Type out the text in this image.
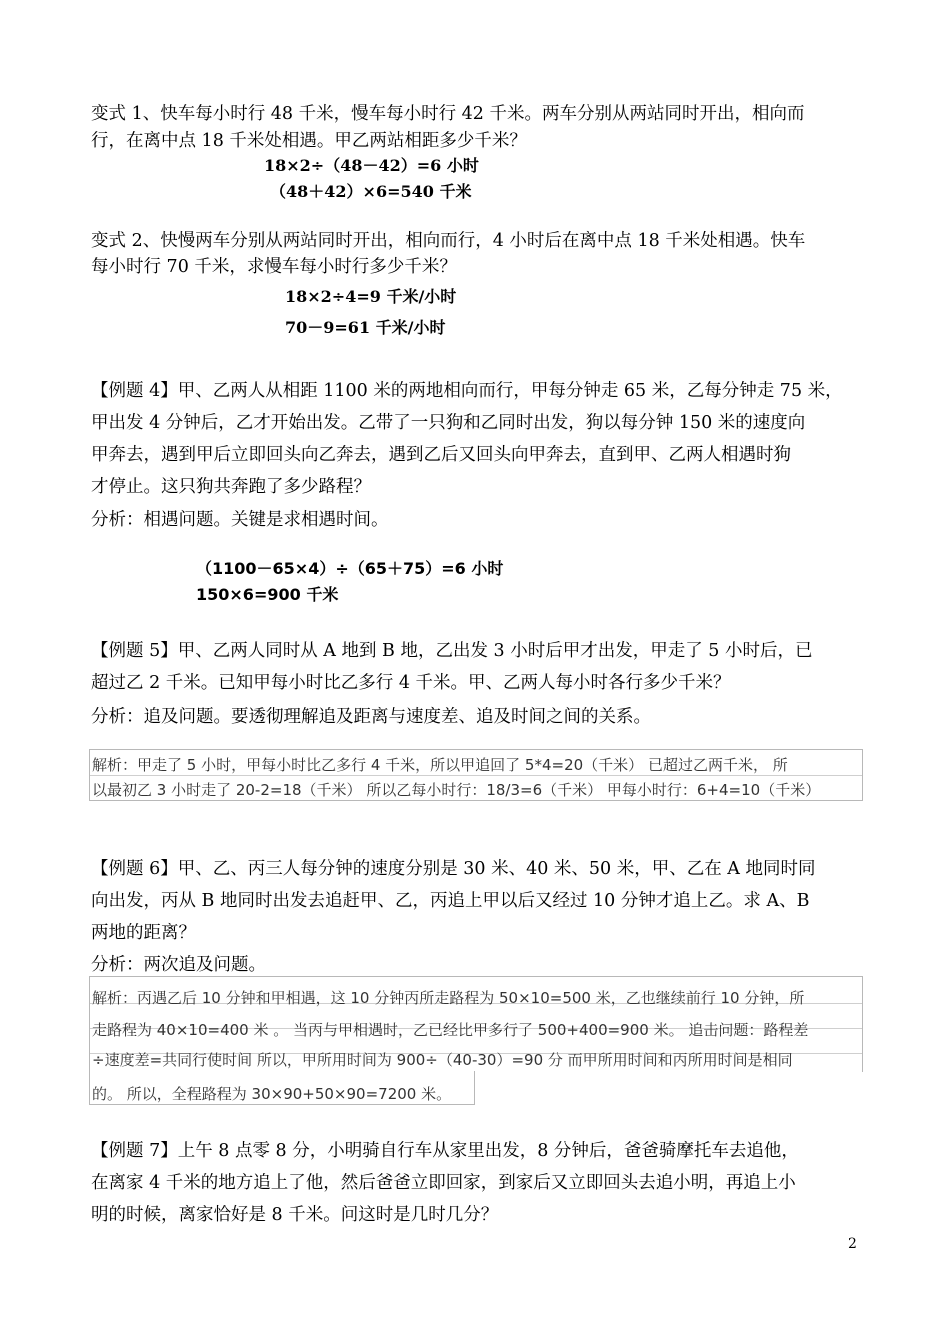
变式 1、快车每小时行 48 千米，慢车每小时行 42 千米。两车分别从两站同时开出，相向而
行，在离中点 18 千米处相遇。甲乙两站相距多少千米？
18×2÷（48－42）=6 小时
（48＋42）×6=540 千米
变式 2、快慢两车分别从两站同时开出，相向而行，4 小时后在离中点 18 千米处相遇。快车
每小时行 70 千米，求慢车每小时行多少千米？
18×2÷4=9 千米/小时
70－9=61 千米/小时
【例题 4】甲、乙两人从相距 1100 米的两地相向而行，甲每分钟走 65 米，乙每分钟走 75 米，
甲出发 4 分钟后，乙才开始出发。乙带了一只狗和乙同时出发，狗以每分钟 150 米的速度向
甲奔去，遇到甲后立即回头向乙奔去，遇到乙后又回头向甲奔去，直到甲、乙两人相遇时狗
才停止。这只狗共奔跑了多少路程？
分析：相遇问题。关键是求相遇时间。
（1100－65×4）÷（65＋75）=6 小时
150×6=900 千米
【例题 5】甲、乙两人同时从 A 地到 B 地，乙出发 3 小时后甲才出发，甲走了 5 小时后，已
超过乙 2 千米。已知甲每小时比乙多行 4 千米。甲、乙两人每小时各行多少千米？
分析：追及问题。要透彻理解追及距离与速度差、追及时间之间的关系。
解析：甲走了 5 小时，甲每小时比乙多行 4 千米，所以甲追回了 5*4=20（千米） 已超过乙两千米， 所
以最初乙 3 小时走了 20-2=18（千米） 所以乙每小时行：18/3=6（千米） 甲每小时行：6+4=10（千米）
【例题 6】甲、乙、丙三人每分钟的速度分别是 30 米、40 米、50 米，甲、乙在 A 地同时同
向出发，丙从 B 地同时出发去追赶甲、乙，丙追上甲以后又经过 10 分钟才追上乙。求 A、B
两地的距离？
分析：两次追及问题。
解析：丙遇乙后 10 分钟和甲相遇，这 10 分钟丙所走路程为 50×10=500 米，乙也继续前行 10 分钟，所
走路程为 40×10=400 米 。 当丙与甲相遇时，乙已经比甲多行了 500+400=900 米。 追击问题：路程差
÷速度差=共同行使时间 所以，甲所用时间为 900÷（40-30）=90 分 而甲所用时间和丙所用时间是相同
的。 所以，全程路程为 30×90+50×90=7200 米。
【例题 7】上午 8 点零 8 分，小明骑自行车从家里出发，8 分钟后，爸爸骑摩托车去追他，
在离家 4 千米的地方追上了他，然后爸爸立即回家，到家后又立即回头去追小明，再追上小
明的时候，离家恰好是 8 千米。问这时是几时几分？
2
